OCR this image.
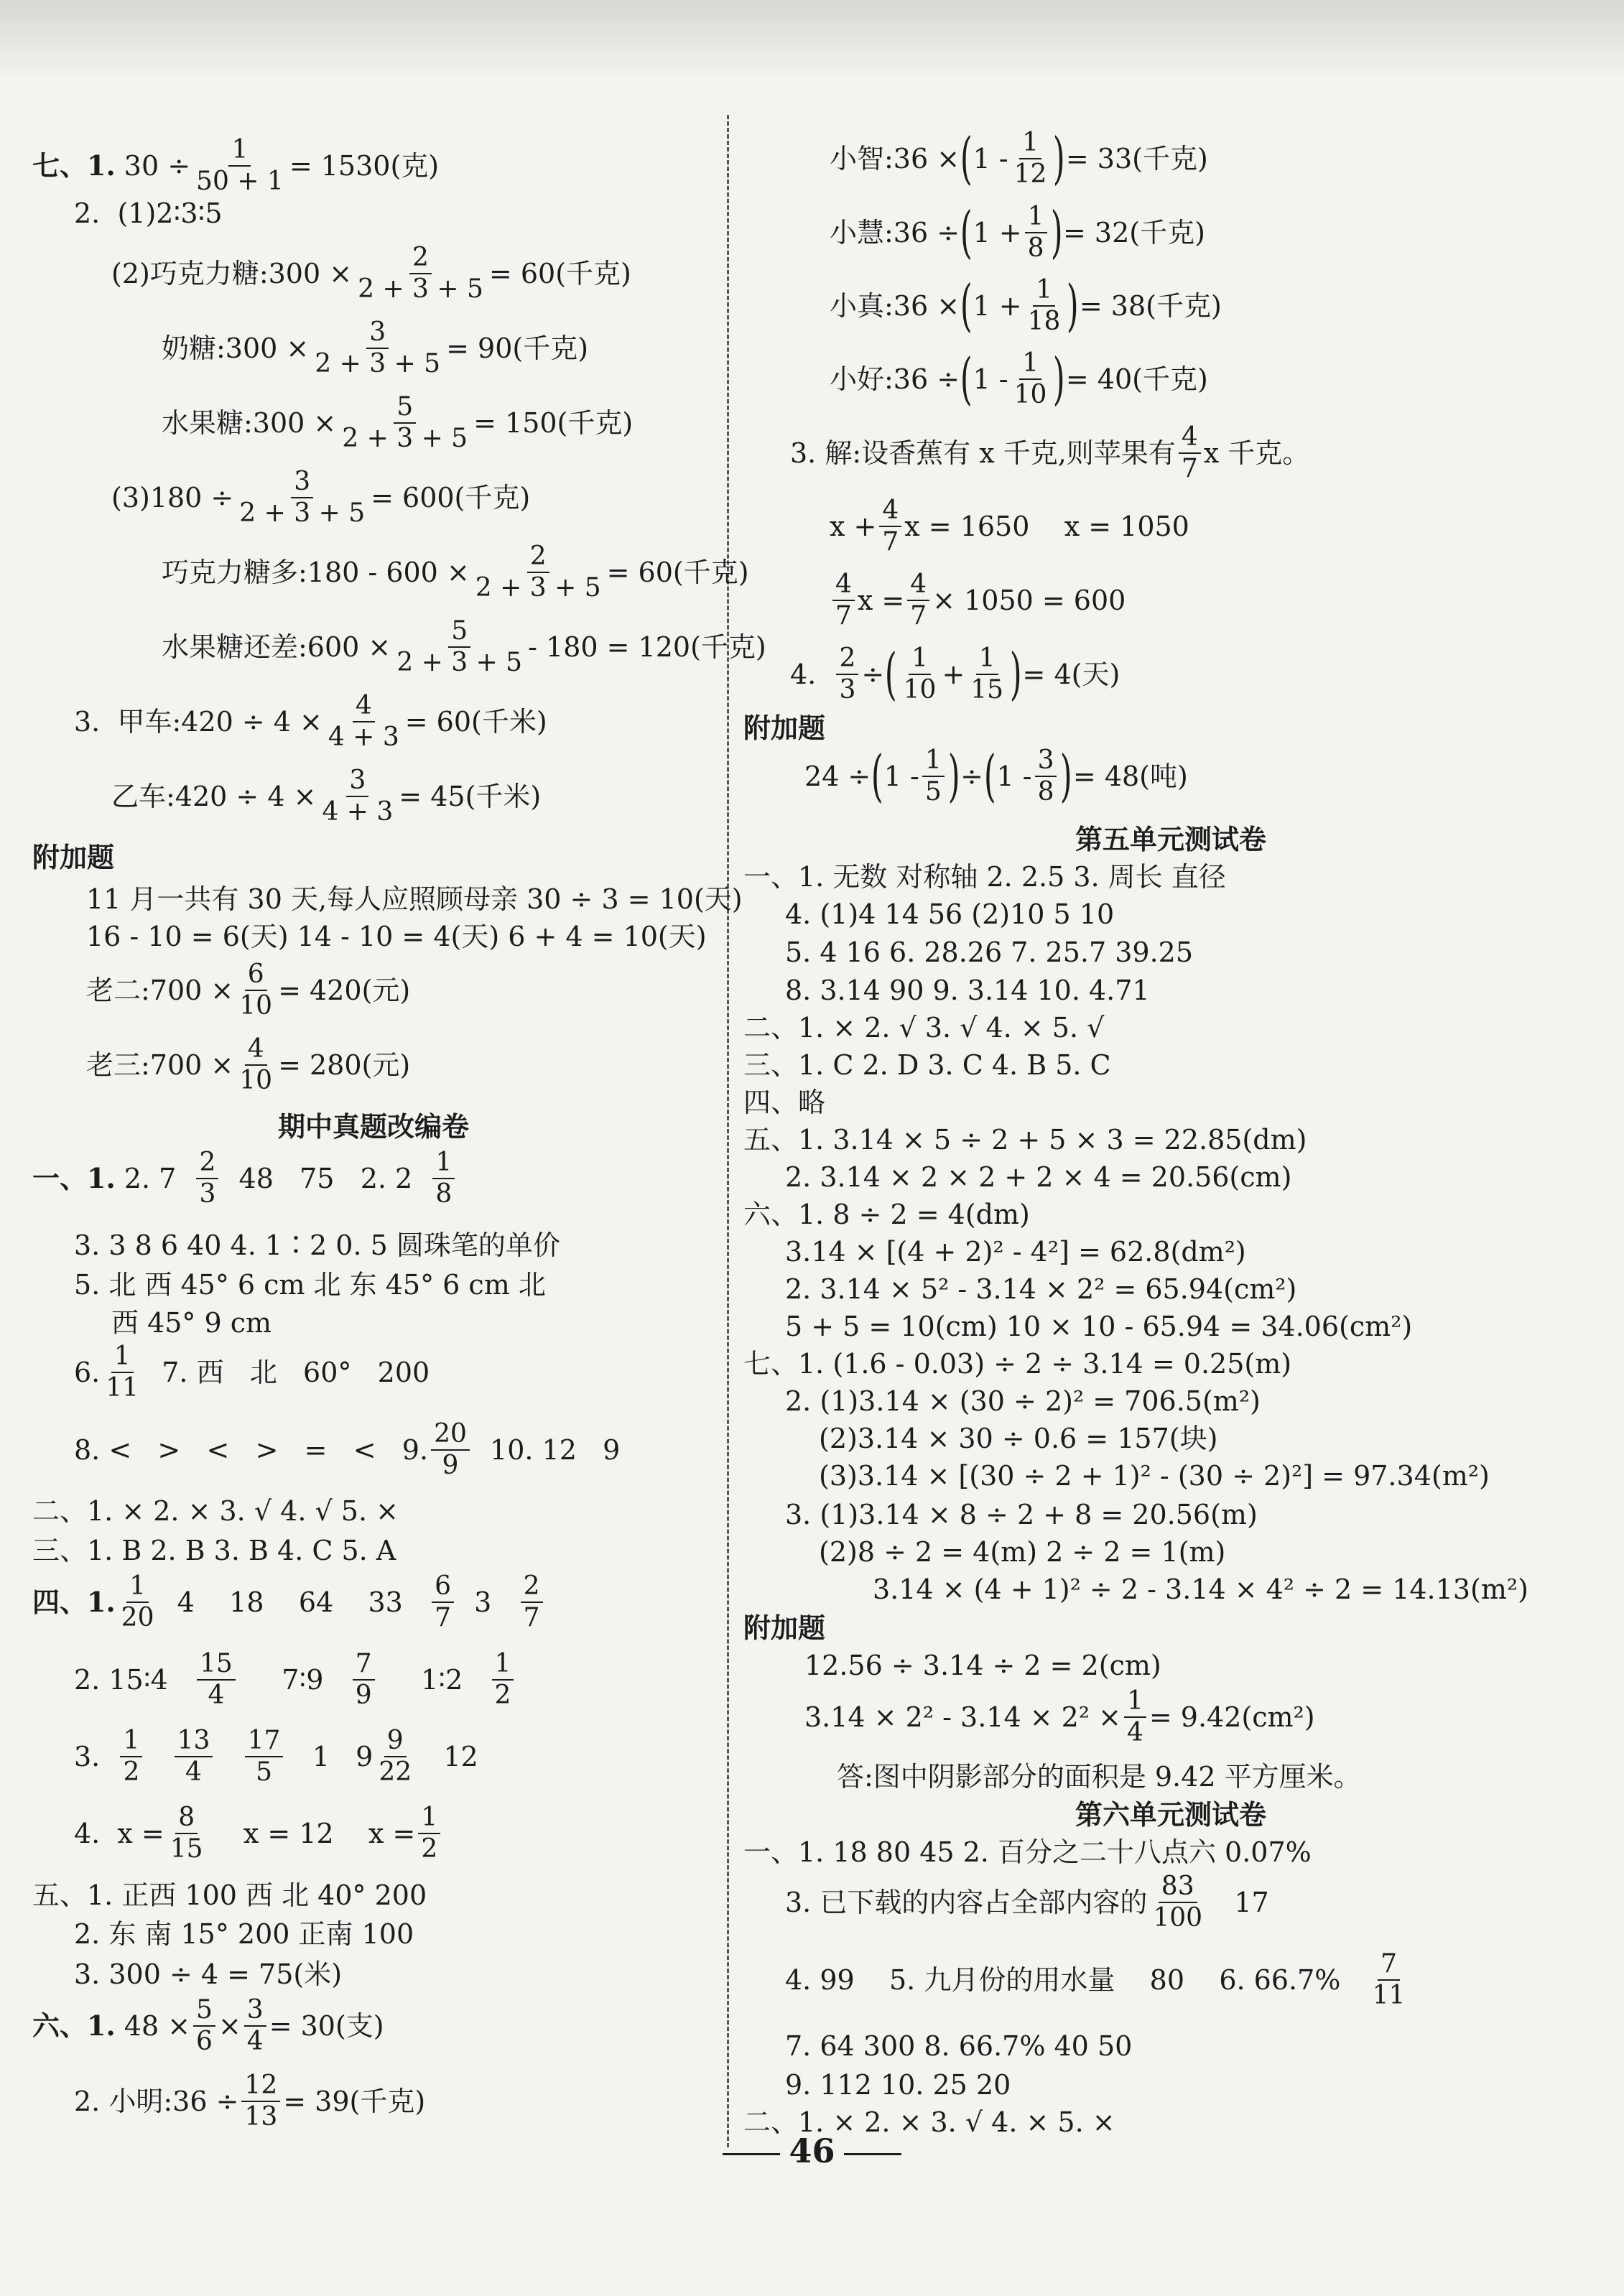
七、1.
$30 \div \frac{1}{50 + 1} = 1530$(克)
2.
(1)2∶3∶5
(2)巧克力糖:300 × $\frac{2}{2 + 3 + 5} = 60$(千克)
奶糖:300 × $\frac{3}{2 + 3 + 5} = 90$(千克)
水果糖:300 × $\frac{5}{2 + 3 + 5} = 150$(千克)
$(3)180 \div \frac{3}{2 + 3 + 5} = 600$(千克)
巧克力糖多:180 - $600 \times \frac{2}{2 + 3 + 5} = 60$(千克)
水果糖还差:600 × $\frac{5}{2 + 3 + 5} - 180 = 120$(千克)
3.
甲车:420 ÷ $4 \times \frac{4}{4 + 3} = 60$(千米)
乙车:420 ÷ $4 \times \frac{3}{4 + 3} = 45$(千米)
附加题
11 月一共有 30 天,每人应照顾母亲 30 ÷ 3 = 10(天)
16 - 10 = 6(天) 14 - 10 = 4(天) 6 + 4 = 10(天)
老二:700 × $\frac{6}{10} = 420$(元)
老三:700 × $\frac{4}{10} = 280$(元)
期中真题改编卷
一、1.
2. 7
$\frac{2}{3}$
48   75   2. 2
$\frac{1}{8}$
3. 3 8 6 40 4. 1∶2 0. 5 圆珠笔的单价
5. 北 西 45° 6 cm 北 东 45° 6 cm 北
西 45° 9 cm
6. $\frac{1}{11}$
7. 西   北   60°   200
8. <   >   <   >   =   <   9. $\frac{20}{9}$
10. 12   9
二、1. × 2. × 3. √ 4. √ 5. ×
三、1. B 2. B 3. B 4. C 5. A
四、1. $\frac{1}{20}$
4    18    64    33
$\frac{6}{7}$
3
$\frac{2}{7}$
2. 15∶4
$\frac{15}{4}$
7∶9
$\frac{7}{9}$
1∶2
$\frac{1}{2}$
3.
$\frac{1}{2}$
$\frac{13}{4}$
$\frac{17}{5}$
1   $9 \frac{9}{22}$
12
4.  $x = \frac{8}{15}$
x = 12    $x = \frac{1}{2}$
五、1. 正西 100 西 北 40° 200
2. 东 南 15° 200 正南 100
3. 300 ÷ 4 = 75(米)
六、1.
$48 \times \frac{5}{6} \times \frac{3}{4} = 30$(支)
2. 小明:36 ÷ $\frac{12}{13} = 39$(千克)
小智:36 × ( $1 - \frac{1}{12}$ ) = 33(千克)
小慧:36 ÷ ( $1 + \frac{1}{8}$ ) = 32(千克)
小真:36 × ( $1 + \frac{1}{18}$ ) = 38(千克)
小好:36 ÷ ( $1 - \frac{1}{10}$ ) = 40(千克)
3. 解:设香蕉有 x 千克,则苹果有 $\frac{4}{7}$ x 千克。
$x + \frac{4}{7}$ x = 1650    x = 1050
$\frac{4}{7}$ $x = \frac{4}{7} \times 1050 = 600$
4.
$\frac{2}{3}$ ÷ ( $\frac{1}{10} + \frac{1}{15}$ ) = 4(天)
附加题
24 ÷ ( $1 - \frac{1}{5}$ ) ÷ ( $1 - \frac{3}{8}$ ) = 48(吨)
第五单元测试卷
一、1. 无数 对称轴 2. 2.5 3. 周长 直径
4. (1)4 14 56 (2)10 5 10
5. 4 16 6. 28.26 7. 25.7 39.25
8. 3.14 90 9. 3.14 10. 4.71
二、1. × 2. √ 3. √ 4. × 5. √
三、1. C 2. D 3. C 4. B 5. C
四、略
五、1. 3.14 × 5 ÷ 2 + 5 × 3 = 22.85(dm)
2. 3.14 × 2 × 2 + 2 × 4 = 20.56(cm)
六、1. 8 ÷ 2 = 4(dm)
3.14 × [(4 + 2)² - 4²] = 62.8(dm²)
2. 3.14 × 5² - 3.14 × 2² = 65.94(cm²)
5 + 5 = 10(cm) 10 × 10 - 65.94 = 34.06(cm²)
七、1. (1.6 - 0.03) ÷ 2 ÷ 3.14 = 0.25(m)
2. (1)3.14 × (30 ÷ 2)² = 706.5(m²)
(2)3.14 × 30 ÷ 0.6 = 157(块)
(3)3.14 × [(30 ÷ 2 + 1)² - (30 ÷ 2)²] = 97.34(m²)
3. (1)3.14 × 8 ÷ 2 + 8 = 20.56(m)
(2)8 ÷ 2 = 4(m) 2 ÷ 2 = 1(m)
3.14 × (4 + 1)² ÷ 2 - 3.14 × 4² ÷ 2 = 14.13(m²)
附加题
12.56 ÷ 3.14 ÷ 2 = 2(cm)
$3.14 \times 2^2 - 3.14 \times 2^2 \times \frac{1}{4} = 9.42(cm^2)$
答:图中阴影部分的面积是 9.42 平方厘米。
第六单元测试卷
一、1. 18 80 45 2. 百分之二十八点六 0.07%
3. 已下载的内容占全部内容的 $\frac{83}{100}$
17
4. 99    5. 九月份的用水量    80    6. 66.7%
$\frac{7}{11}$
7. 64 300 8. 66.7% 40 50
9. 112 10. 25 20
二、1. × 2. × 3. √ 4. × 5. ×
46
